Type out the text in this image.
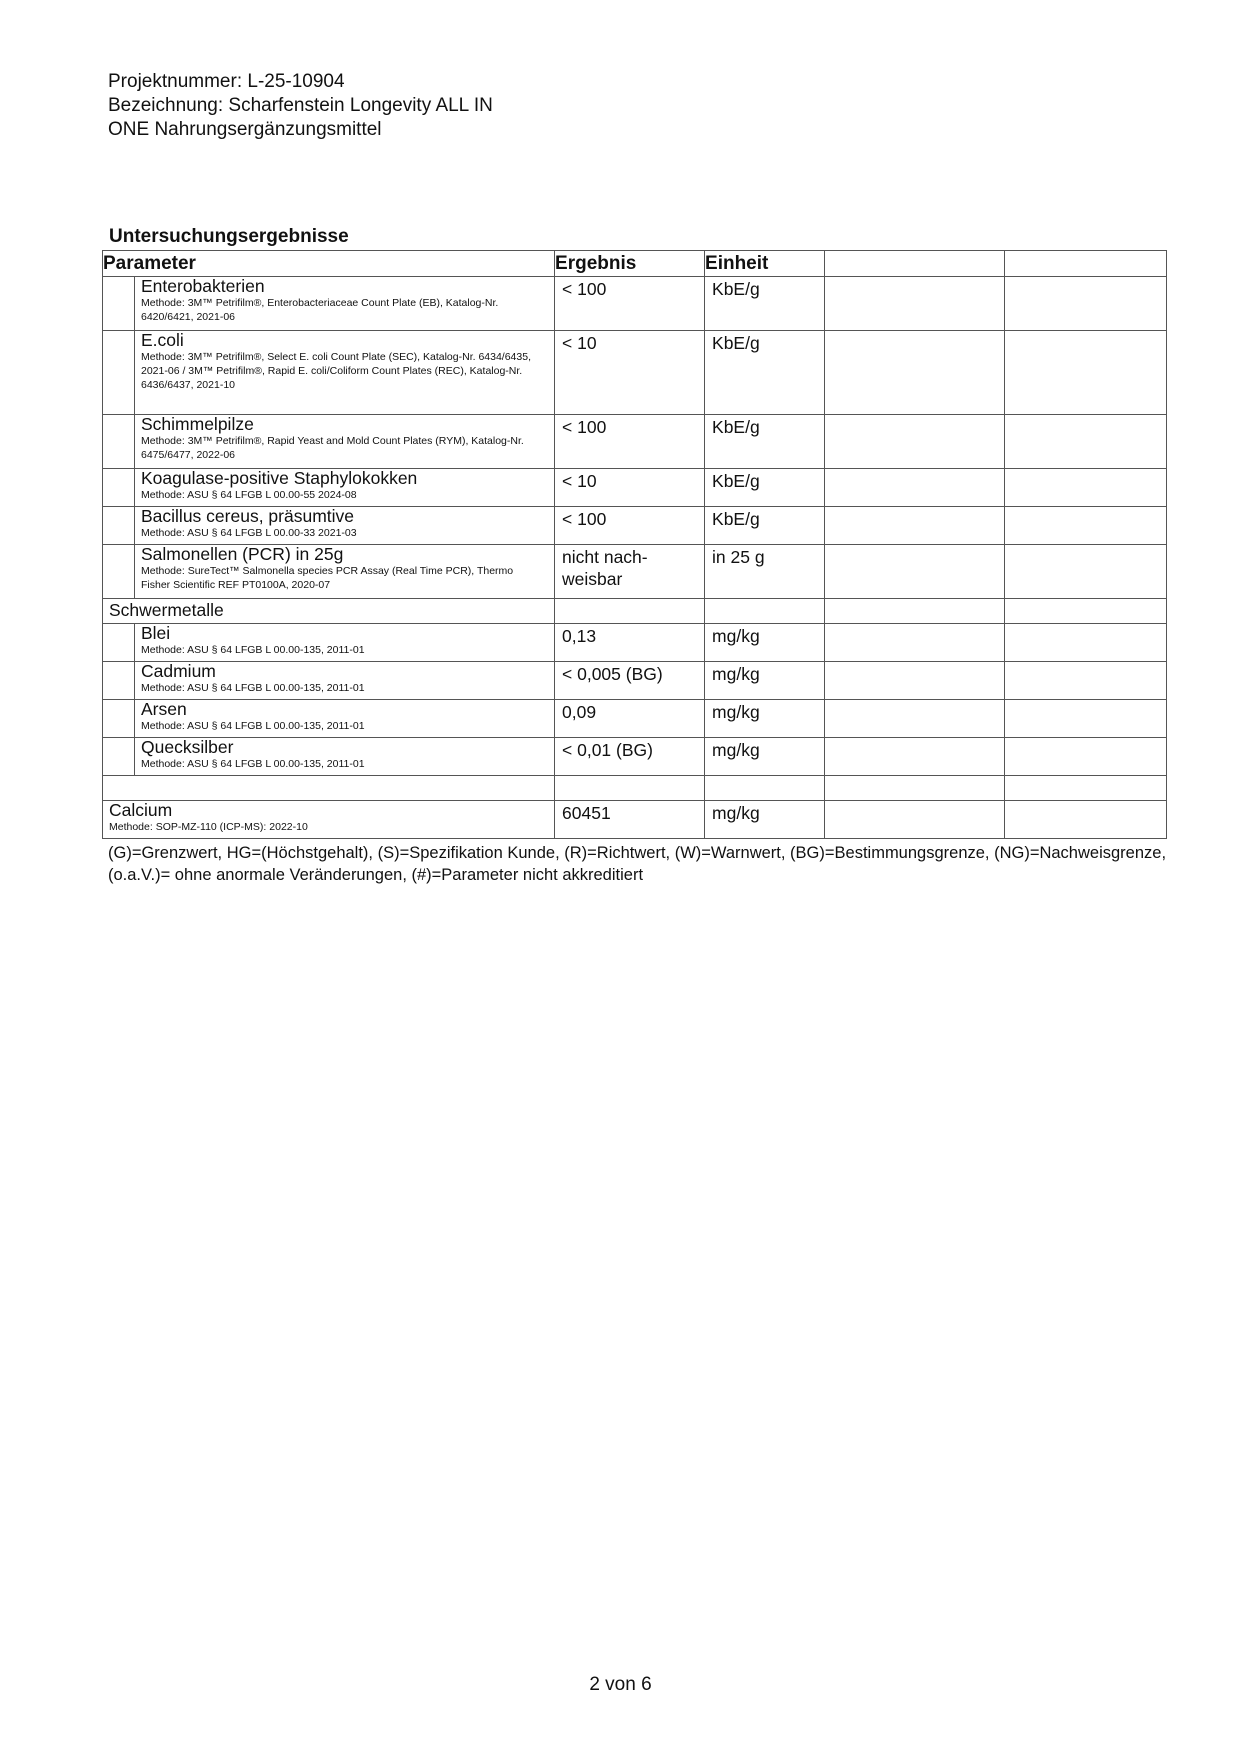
Projektnummer: L-25-10904
Bezeichnung: Scharfenstein Longevity ALL IN
ONE Nahrungsergänzungsmittel
Untersuchungsergebnisse
Parameter		Ergebnis	Einheit		

	Enterobakterien
Methode: 3M™ Petrifilm®, Enterobacteriaceae Count Plate (EB), Katalog-Nr. 6420/6421, 2021-06	< 100	KbE/g		

	E.coli
Methode: 3M™ Petrifilm®, Select E. coli Count Plate (SEC), Katalog-Nr. 6434/6435, 2021-06 / 3M™ Petrifilm®, Rapid E. coli/Coliform Count Plates (REC), Katalog-Nr. 6436/6437, 2021-10	< 10	KbE/g		

	Schimmelpilze
Methode: 3M™ Petrifilm®, Rapid Yeast and Mold Count Plates (RYM), Katalog-Nr. 6475/6477, 2022-06	< 100	KbE/g		

	Koagulase-positive Staphylokokken
Methode: ASU § 64 LFGB L 00.00-55 2024-08	< 10	KbE/g		

	Bacillus cereus, präsumtive
Methode: ASU § 64 LFGB L 00.00-33 2021-03	< 100	KbE/g		

	Salmonellen (PCR) in 25g
Methode: SureTect™ Salmonella species PCR Assay (Real Time PCR), Thermo Fisher Scientific REF PT0100A, 2020-07	nicht nach-weisbar	in 25 g		
Schwermetalle					

	Blei
Methode: ASU § 64 LFGB L 00.00-135, 2011-01	0,13	mg/kg		

	Cadmium
Methode: ASU § 64 LFGB L 00.00-135, 2011-01	< 0,005 (BG)	mg/kg		

	Arsen
Methode: ASU § 64 LFGB L 00.00-135, 2011-01	0,09	mg/kg		

	Quecksilber
Methode: ASU § 64 LFGB L 00.00-135, 2011-01	< 0,01 (BG)	mg/kg		

Calcium
Methode: SOP-MZ-110 (ICP-MS): 2022-10		60451	mg/kg		
(G)=Grenzwert, HG=(Höchstgehalt), (S)=Spezifikation Kunde, (R)=Richtwert, (W)=Warnwert, (BG)=Bestimmungsgrenze, (NG)=Nachweisgrenze, (o.a.V.)= ohne anormale Veränderungen, (#)=Parameter nicht akkreditiert
2 von 6
